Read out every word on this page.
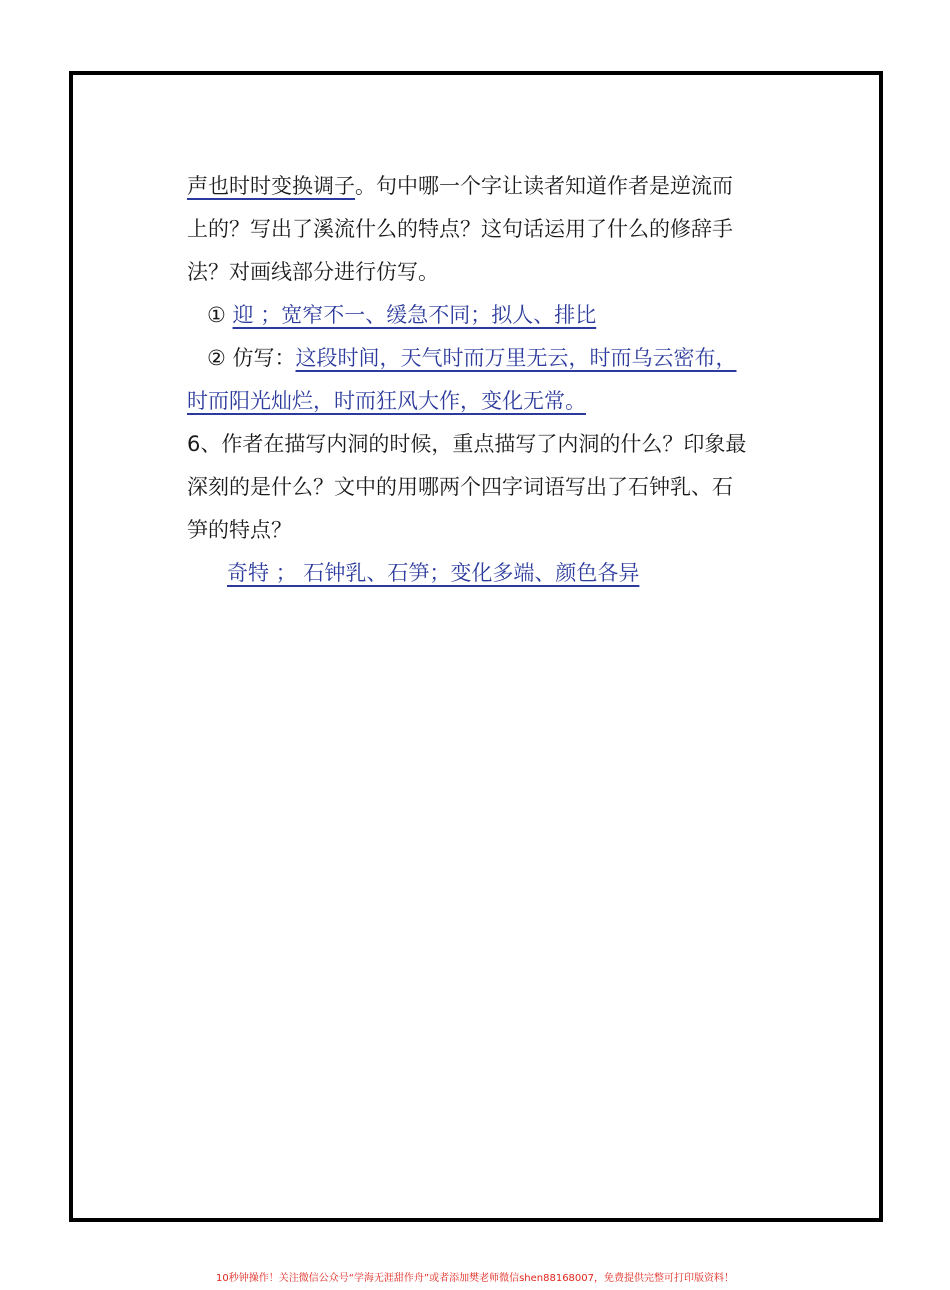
声也时时变换调子。句中哪一个字让读者知道作者是逆流而
上的？写出了溪流什么的特点？这句话运用了什么的修辞手
法？对画线部分进行仿写。
① 迎 ；宽窄不一、缓急不同；拟人、排比
② 仿写：这段时间，天气时而万里无云，时而乌云密布，
时而阳光灿烂，时而狂风大作，变化无常。
6、作者在描写内洞的时候，重点描写了内洞的什么？印象最
深刻的是什么？文中的用哪两个四字词语写出了石钟乳、石
笋的特点？
奇特 ； 石钟乳、石笋；变化多端、颜色各异
10秒钟操作！关注微信公众号“学海无涯甜作舟”或者添加樊老师微信shen88168007，免费提供完整可打印版资料！
